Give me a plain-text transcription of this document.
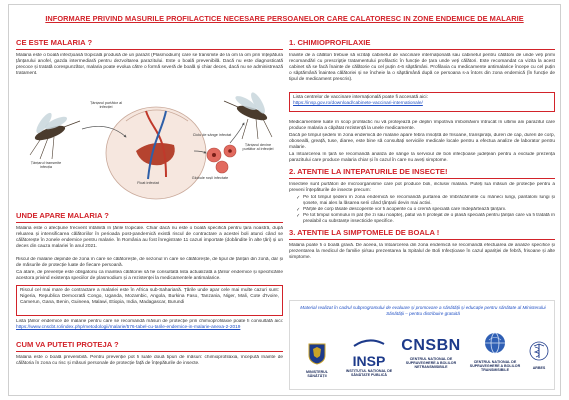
INFORMARE PRIVIND MASURILE PROFILACTICE NECESARE PERSOANELOR CARE CALATORESC IN ZONE ENDEMICE DE MALARIE
CE ESTE MALARIA ?
Malaria este o boală infecțioasă tropicală produsă de un parazit (Plasmodium) care se transmite de la om la om prin înțepătura țânțarului anofel, gazda intermediară pentru dezvoltarea parazitului. Este o boală prevenibilă. Dacă nu este diagnosticată precoce și tratată corespunzător, malaria poate evolua către o formă severă de boală și chiar deces, dacă nu se administrează tratament.
Țânțarul transmite infecția
Ficat infectat
Globule roșii infectate
Ciclu de sânge infectat
Țânțarul devine purtător al infecției
Țânțarul purtător al infecției
UNDE APARE MALARIA ?
Malaria este o afecțiune frecvent întâlnită în țările tropicale. Chiar dacă nu este o boală specifică pentru țara noastră, după reluarea și intensificarea călătoriilor în perioada post-pandemică există riscul de contractare a acestei boli atunci când se călătorește în zonele endemice pentru malarie. În România au fost înregistrate 11 cazuri importate (dobândite în alte țări) și un deces din cauza malariei în anul 2021.
Riscul de malarie depinde de zona în care se călătorește, de sezonul în care se călătorește, de tipul de țânțari din zonă, dar și de măsurile de protecție luate de fiecare persoană.
Ca atare, de prevenție este obligatoriu ca înaintea călătoriei să fie consultată lista actualizată a țărilor endemice și specificările acestora privind existența speciilor de plasmodium și a rezistenței la medicamentele antimalarice.
Riscul cel mai mare de contractare a malariei este în Africa sub-Sahariană. Țările unde apar cele mai multe cazuri sunt: Nigeria, Republica Democrată Congo, Uganda, Mozambic, Angola, Burkina Faso, Tanzania, Niger, Mali, Cote d'Ivoire, Camerun, Gana, Benin, Guineea, Malawi, Etiopia, India, Madagascar, Burundi
Lista țărilor endemice de malarie pentru care se recomandă măsuri de protecție prin chimioprofilaxie poate fi consultată aici: https://www.cnscbt.ro/index.php/metodologii/malarie/576-tabel-cu-tarile-endemice-in-malarie-anexa-2-2019
CUM VA PUTETI PROTEJA ?
Malaria este o boală prevenibilă. Pentru prevenție pot fi luate două tipuri de măsuri: chimioprofilaxia, începută înainte de călătoria în zona cu risc și măsuri personale de protecție față de înțepăturile de insecte.
1. CHIMIOPROFILAXIE
Înainte de a călători trebuie să vizitați cabinetul de vaccinare internațională sau cabinetul pentru călătorii de unde veți primi recomandări cu prescripție tratamentului profilactic în funcție de țara unde veți călători. Este recomandat ca vizita la acest cabinet să se facă înainte de călătorie cu cel puțin 4-6 săptămâni. Profilaxia cu medicamente antimalarice începe cu cel puțin o săptămână înaintea călătoriei și se încheie la o săptămână după ce persoana s-a întors din zona endemică (în funcție de tipul de medicament prescris).
Lista centrelor de vaccinare internațională poate fi accesată aici:
https://insp.gov.ro/download/cabinete-vaccinari-internationale/
Medicamentele luate în scop profilactic nu vă protejează pe deplin împotriva îmbolnăvirii întrucât în ultimii ani parazitul care produce malaria a căpătat rezistență la unele medicamente.
Dacă pe timpul șederii în zona endemică de malarie apare febra însoțită de frisoane, transpirații, dureri de cap, dureri de corp, oboseală, greață, tuse, diaree, este bine să consultați serviciile medicale locale pentru a efectua analize de laborator pentru malarie.
La întoarcerea în țară se recomandă analiza de sânge la serviciul de boli infecțioase județean pentru a exclude prezența parazitului care produce malaria chiar și în cazul în care nu aveți simptome.
2. ATENTIE LA INTEPATURILE DE INSECTE!
Insectele sunt purtători de microorganisme care pot produce boli, inclusiv malaria. Puteți lua măsuri de protecție pentru a preveni înțepăturile de insecte precum:
✓ Pe tot timpul șederii în zona endemică se recomandă purtarea de îmbrăcăminte cu mâneci lungi, pantaloni lungi și șosete, mai ales la lăsarea serii când țânțarii devin mai activi.
✓ Părțile de corp lăsate descoperite vor fi acoperite cu o cremă specială care îndepărtează țânțarii.
✓ Pe tot timpul somnului în pat (fie zi sau noapte), patul va fi protejat de o plasă specială pentru țânțari care va fi tratată în prealabil cu substanțe insecticide specifice.
3. ATENTIE LA SIMPTOMELE DE BOALA !
Malaria poate fi o boală gravă. De aceea, la întoarcerea din zona endemică se recomandă efectuarea de analize specifice și prezentarea la medicul de familie și/sau prezentarea la Spitalul de Boli Infecțioase în cazul apariției de febră, frisoane și alte simptome.
Material realizat în cadrul subprogramului de evaluare și promovare a sănătății și educație pentru sănătate al Ministerului Sănătății – pentru distribuire gratuită
MINISTERUL SĂNĂTĂȚII
INSP
INSTITUTUL NAȚIONAL DE SĂNĂTATE PUBLICĂ
CNSBN
CENTRUL NAȚIONAL DE SUPRAVEGHERE A BOLILOR NETRANSMISIBILE
CENTRUL NAȚIONAL DE SUPRAVEGHERE A BOLILOR TRANSMISIBILE
ARBES
